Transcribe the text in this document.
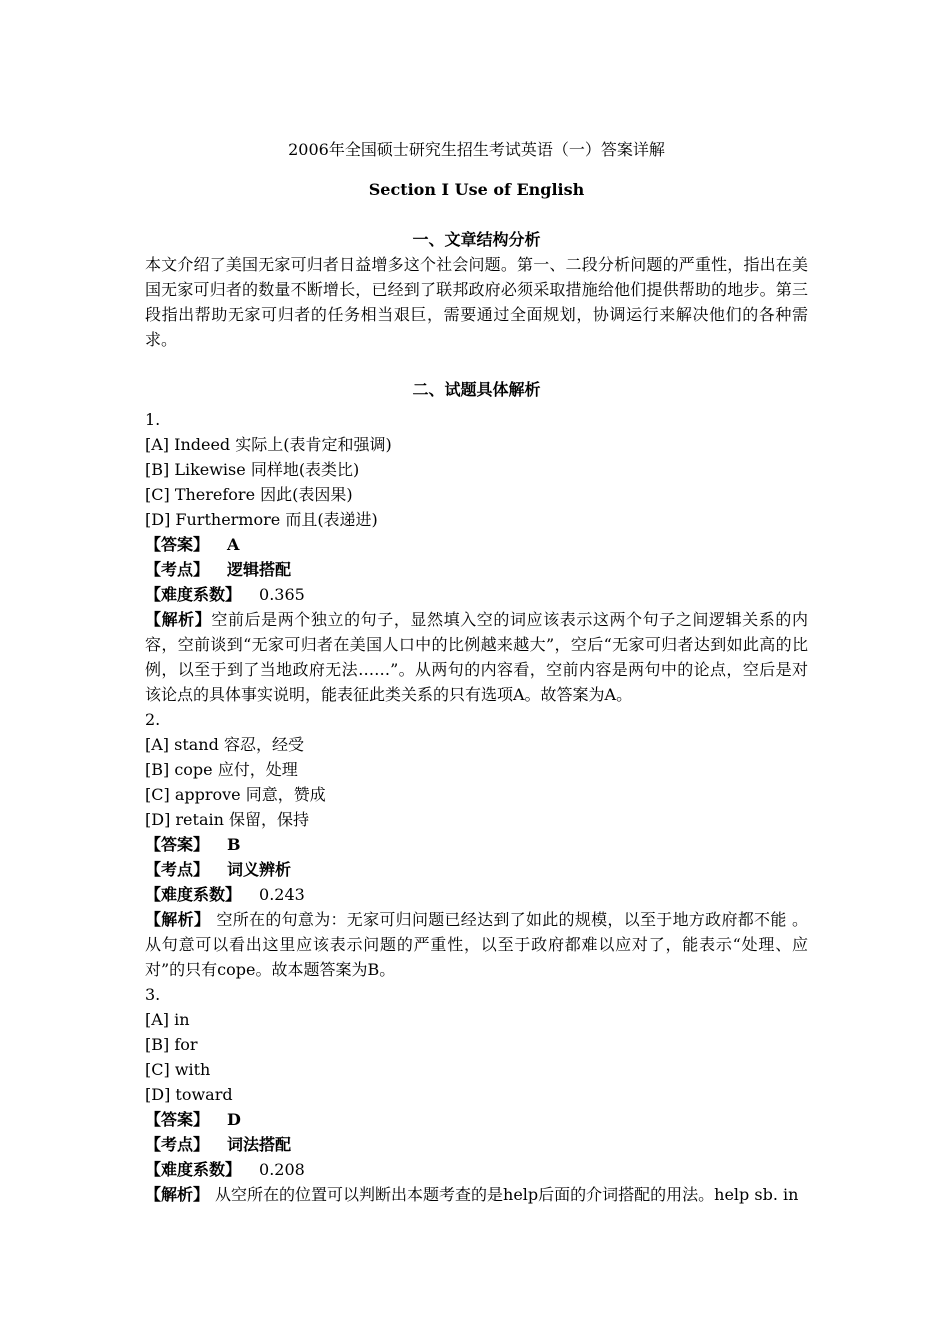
2006年全国硕士研究生招生考试英语（一）答案详解

Section I Use of English

一、文章结构分析

本文介绍了美国无家可归者日益增多这个社会问题。第一、二段分析问题的严重性，指出在美国无家可归者的数量不断增长，已经到了联邦政府必须采取措施给他们提供帮助的地步。第三段指出帮助无家可归者的任务相当艰巨，需要通过全面规划，协调运行来解决他们的各种需求。

二、试题具体解析

1.

[A] Indeed 实际上(表肯定和强调)

[B] Likewise 同样地(表类比)

[C] Therefore 因此(表因果)

[D] Furthermore 而且(表递进)

【答案】 A

【考点】 逻辑搭配

【难度系数】 0.365

【解析】空前后是两个独立的句子，显然填入空的词应该表示这两个句子之间逻辑关系的内容，空前谈到“无家可归者在美国人口中的比例越来越大”，空后“无家可归者达到如此高的比例，以至于到了当地政府无法……”。从两句的内容看，空前内容是两句中的论点，空后是对该论点的具体事实说明，能表征此类关系的只有选项A。故答案为A。

2.

[A] stand 容忍，经受

[B] cope 应付，处理

[C] approve 同意，赞成

[D] retain 保留，保持

【答案】 B

【考点】 词义辨析

【难度系数】 0.243

【解析】 空所在的句意为：无家可归问题已经达到了如此的规模，以至于地方政府都不能 。从句意可以看出这里应该表示问题的严重性，以至于政府都难以应对了，能表示“处理、应对”的只有cope。故本题答案为B。

3.

[A] in

[B] for

[C] with

[D] toward

【答案】 D

【考点】 词法搭配

【难度系数】 0.208

【解析】 从空所在的位置可以判断出本题考查的是help后面的介词搭配的用法。help sb. in
